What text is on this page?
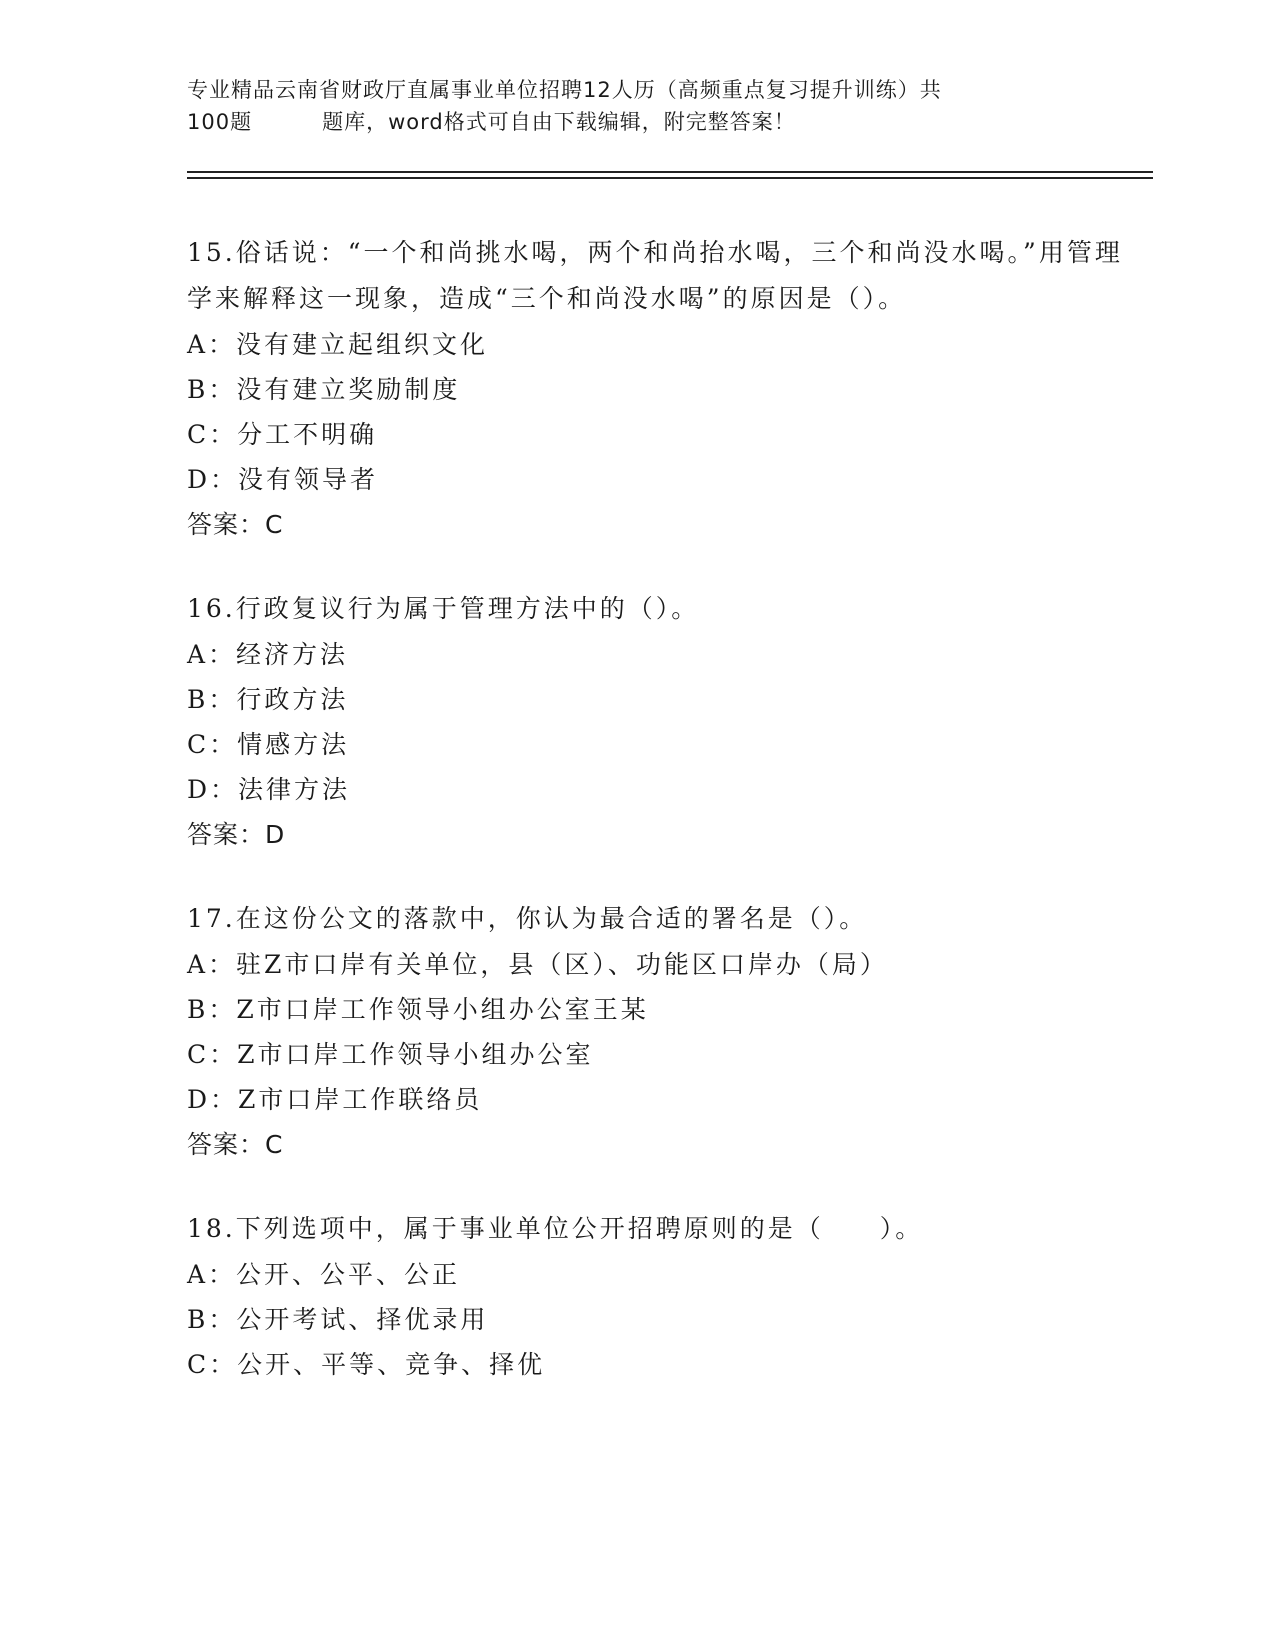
专业精品云南省财政厅直属事业单位招聘12人历（高频重点复习提升训练）共
100题	题库，word格式可自由下载编辑，附完整答案！

15.俗话说：“一个和尚挑水喝，两个和尚抬水喝，三个和尚没水喝。”用管理学来解释这一现象，造成“三个和尚没水喝”的原因是（）。

A：没有建立起组织文化

B：没有建立奖励制度

C：分工不明确

D：没有领导者

答案：C

16.行政复议行为属于管理方法中的（）。

A：经济方法

B：行政方法

C：情感方法

D：法律方法

答案：D

17.在这份公文的落款中，你认为最合适的署名是（）。

A：驻Z市口岸有关单位，县（区）、功能区口岸办（局）

B：Z市口岸工作领导小组办公室王某

C：Z市口岸工作领导小组办公室

D：Z市口岸工作联络员

答案：C

18.下列选项中，属于事业单位公开招聘原则的是（　　）。

A：公开、公平、公正

B：公开考试、择优录用

C：公开、平等、竞争、择优
